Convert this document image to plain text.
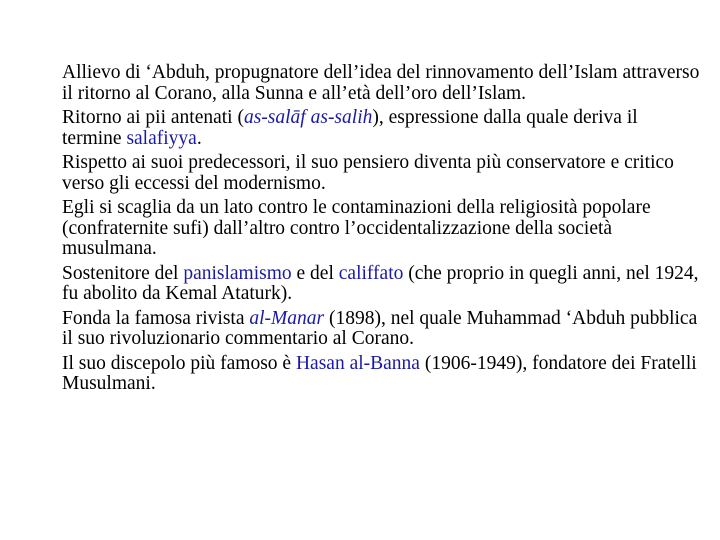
Allievo di ‘Abduh, propugnatore dell’idea del rinnovamento dell’Islam attraverso il ritorno al Corano, alla Sunna e all’età dell’oro dell’Islam.

Ritorno ai pii antenati (as-salāf as-salih), espressione dalla quale deriva il termine salafiyya.

Rispetto ai suoi predecessori, il suo pensiero diventa più conservatore e critico verso gli eccessi del modernismo.

Egli si scaglia da un lato contro le contaminazioni della religiosità popolare (confraternite sufi) dall’altro contro l’occidentalizzazione della società musulmana.

Sostenitore del panislamismo e del califfato (che proprio in quegli anni, nel 1924, fu abolito da Kemal Ataturk).

Fonda la famosa rivista al-Manar (1898), nel quale Muhammad ‘Abduh pubblica il suo rivoluzionario commentario al Corano.

Il suo discepolo più famoso è Hasan al-Banna (1906-1949), fondatore dei Fratelli Musulmani.
